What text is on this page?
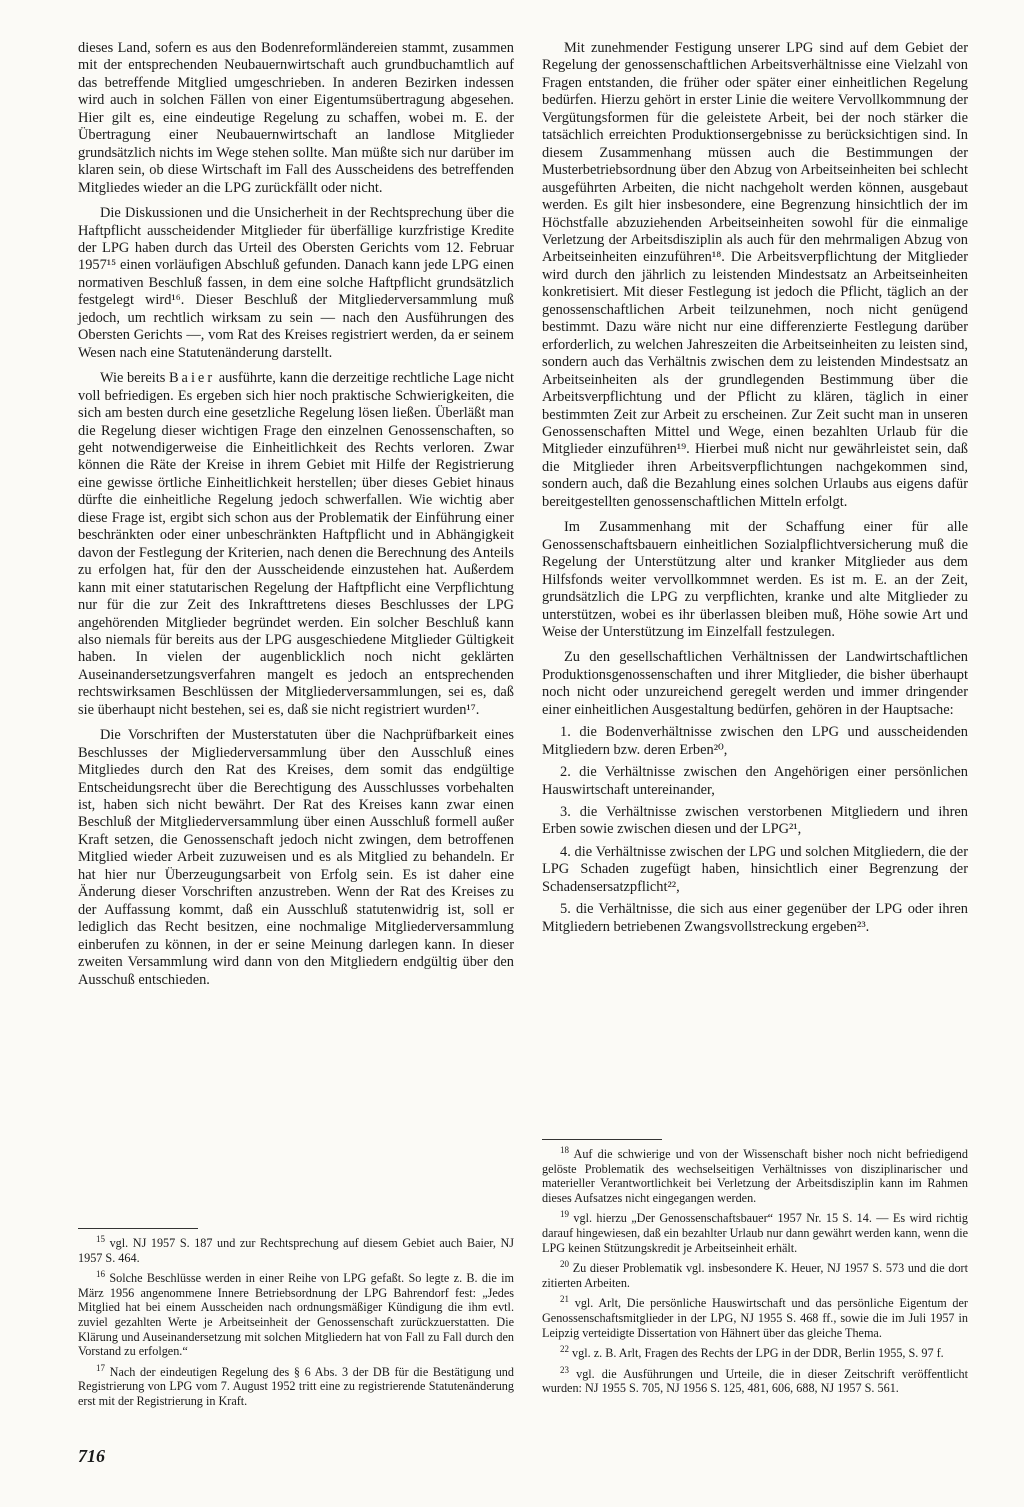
dieses Land, sofern es aus den Bodenreformländereien stammt, zusammen mit der entsprechenden Neubauernwirtschaft auch grundbuchamtlich auf das betreffende Mitglied umgeschrieben. In anderen Bezirken indessen wird auch in solchen Fällen von einer Eigentumsübertragung abgesehen. Hier gilt es, eine eindeutige Regelung zu schaffen, wobei m. E. der Übertragung einer Neubauernwirtschaft an landlose Mitglieder grundsätzlich nichts im Wege stehen sollte. Man müßte sich nur darüber im klaren sein, ob diese Wirtschaft im Fall des Ausscheidens des betreffenden Mitgliedes wieder an die LPG zurückfällt oder nicht.

Die Diskussionen und die Unsicherheit in der Rechtsprechung über die Haftpflicht ausscheidender Mitglieder für überfällige kurzfristige Kredite der LPG haben durch das Urteil des Obersten Gerichts vom 12. Februar 1957¹⁵ einen vorläufigen Abschluß gefunden. Danach kann jede LPG einen normativen Beschluß fassen, in dem eine solche Haftpflicht grundsätzlich festgelegt wird¹⁶. Dieser Beschluß der Mitgliederversammlung muß jedoch, um rechtlich wirksam zu sein — nach den Ausführungen des Obersten Gerichts —, vom Rat des Kreises registriert werden, da er seinem Wesen nach eine Statutenänderung darstellt.

Wie bereits Baier ausführte, kann die derzeitige rechtliche Lage nicht voll befriedigen. Es ergeben sich hier noch praktische Schwierigkeiten, die sich am besten durch eine gesetzliche Regelung lösen ließen. Überläßt man die Regelung dieser wichtigen Frage den einzelnen Genossenschaften, so geht notwendigerweise die Einheitlichkeit des Rechts verloren. Zwar können die Räte der Kreise in ihrem Gebiet mit Hilfe der Registrierung eine gewisse örtliche Einheitlichkeit herstellen; über dieses Gebiet hinaus dürfte die einheitliche Regelung jedoch schwerfallen. Wie wichtig aber diese Frage ist, ergibt sich schon aus der Problematik der Einführung einer beschränkten oder einer unbeschränkten Haftpflicht und in Abhängigkeit davon der Festlegung der Kriterien, nach denen die Berechnung des Anteils zu erfolgen hat, für den der Ausscheidende einzustehen hat. Außerdem kann mit einer statutarischen Regelung der Haftpflicht eine Verpflichtung nur für die zur Zeit des Inkrafttretens dieses Beschlusses der LPG angehörenden Mitglieder begründet werden. Ein solcher Beschluß kann also niemals für bereits aus der LPG ausgeschiedene Mitglieder Gültigkeit haben. In vielen der augenblicklich noch nicht geklärten Auseinandersetzungsverfahren mangelt es jedoch an entsprechenden rechtswirksamen Beschlüssen der Mitgliederversammlungen, sei es, daß sie überhaupt nicht bestehen, sei es, daß sie nicht registriert wurden¹⁷.

Die Vorschriften der Musterstatuten über die Nachprüfbarkeit eines Beschlusses der Migliederversammlung über den Ausschluß eines Mitgliedes durch den Rat des Kreises, dem somit das endgültige Entscheidungsrecht über die Berechtigung des Ausschlusses vorbehalten ist, haben sich nicht bewährt. Der Rat des Kreises kann zwar einen Beschluß der Mitgliederversammlung über einen Ausschluß formell außer Kraft setzen, die Genossenschaft jedoch nicht zwingen, dem betroffenen Mitglied wieder Arbeit zuzuweisen und es als Mitglied zu behandeln. Er hat hier nur Überzeugungsarbeit von Erfolg sein. Es ist daher eine Änderung dieser Vorschriften anzustreben. Wenn der Rat des Kreises zu der Auffassung kommt, daß ein Ausschluß statutenwidrig ist, soll er lediglich das Recht besitzen, eine nochmalige Mitgliederversammlung einberufen zu können, in der er seine Meinung darlegen kann. In dieser zweiten Versammlung wird dann von den Mitgliedern endgültig über den Ausschuß entschieden.

Mit zunehmender Festigung unserer LPG sind auf dem Gebiet der Regelung der genossenschaftlichen Arbeitsverhältnisse eine Vielzahl von Fragen entstanden, die früher oder später einer einheitlichen Regelung bedürfen. Hierzu gehört in erster Linie die weitere Vervollkommnung der Vergütungsformen für die geleistete Arbeit, bei der noch stärker die tatsächlich erreichten Produktionsergebnisse zu berücksichtigen sind. In diesem Zusammenhang müssen auch die Bestimmungen der Musterbetriebsordnung über den Abzug von Arbeitseinheiten bei schlecht ausgeführten Arbeiten, die nicht nachgeholt werden können, ausgebaut werden. Es gilt hier insbesondere, eine Begrenzung hinsichtlich der im Höchstfalle abzuziehenden Arbeitseinheiten sowohl für die einmalige Verletzung der Arbeitsdisziplin als auch für den mehrmaligen Abzug von Arbeitseinheiten einzuführen¹⁸. Die Arbeitsverpflichtung der Mitglieder wird durch den jährlich zu leistenden Mindestsatz an Arbeitseinheiten konkretisiert. Mit dieser Festlegung ist jedoch die Pflicht, täglich an der genossenschaftlichen Arbeit teilzunehmen, noch nicht genügend bestimmt. Dazu wäre nicht nur eine differenzierte Festlegung darüber erforderlich, zu welchen Jahreszeiten die Arbeitseinheiten zu leisten sind, sondern auch das Verhältnis zwischen dem zu leistenden Mindestsatz an Arbeitseinheiten als der grundlegenden Bestimmung über die Arbeitsverpflichtung und der Pflicht zu klären, täglich in einer bestimmten Zeit zur Arbeit zu erscheinen. Zur Zeit sucht man in unseren Genossenschaften Mittel und Wege, einen bezahlten Urlaub für die Mitglieder einzuführen¹⁹. Hierbei muß nicht nur gewährleistet sein, daß die Mitglieder ihren Arbeitsverpflichtungen nachgekommen sind, sondern auch, daß die Bezahlung eines solchen Urlaubs aus eigens dafür bereitgestellten genossenschaftlichen Mitteln erfolgt.

Im Zusammenhang mit der Schaffung einer für alle Genossenschaftsbauern einheitlichen Sozialpflichtversicherung muß die Regelung der Unterstützung alter und kranker Mitglieder aus dem Hilfsfonds weiter vervollkommnet werden. Es ist m. E. an der Zeit, grundsätzlich die LPG zu verpflichten, kranke und alte Mitglieder zu unterstützen, wobei es ihr überlassen bleiben muß, Höhe sowie Art und Weise der Unterstützung im Einzelfall festzulegen.

Zu den gesellschaftlichen Verhältnissen der Landwirtschaftlichen Produktionsgenossenschaften und ihrer Mitglieder, die bisher überhaupt noch nicht oder unzureichend geregelt werden und immer dringender einer einheitlichen Ausgestaltung bedürfen, gehören in der Hauptsache:

1. die Bodenverhältnisse zwischen den LPG und ausscheidenden Mitgliedern bzw. deren Erben²⁰,
2. die Verhältnisse zwischen den Angehörigen einer persönlichen Hauswirtschaft untereinander,
3. die Verhältnisse zwischen verstorbenen Mitgliedern und ihren Erben sowie zwischen diesen und der LPG²¹,
4. die Verhältnisse zwischen der LPG und solchen Mitgliedern, die der LPG Schaden zugefügt haben, hinsichtlich einer Begrenzung der Schadensersatzpflicht²²,
5. die Verhältnisse, die sich aus einer gegenüber der LPG oder ihren Mitgliedern betriebenen Zwangsvollstreckung ergeben²³.

$^{15}$ vgl. NJ 1957 S. 187 und zur Rechtsprechung auf diesem Gebiet auch Baier, NJ 1957 S. 464.

$^{16}$ Solche Beschlüsse werden in einer Reihe von LPG gefaßt. So legte z. B. die im März 1956 angenommene Innere Betriebsordnung der LPG Bahrendorf fest: „Jedes Mitglied hat bei einem Ausscheiden nach ordnungsmäßiger Kündigung die ihm evtl. zuviel gezahlten Werte je Arbeitseinheit der Genossenschaft zurückzuerstatten. Die Klärung und Auseinandersetzung mit solchen Mitgliedern hat von Fall zu Fall durch den Vorstand zu erfolgen.“

$^{17}$ Nach der eindeutigen Regelung des § 6 Abs. 3 der DB für die Bestätigung und Registrierung von LPG vom 7. August 1952 tritt eine zu registrierende Statutenänderung erst mit der Registrierung in Kraft.

$^{18}$ Auf die schwierige und von der Wissenschaft bisher noch nicht befriedigend gelöste Problematik des wechselseitigen Verhältnisses von disziplinarischer und materieller Verantwortlichkeit bei Verletzung der Arbeitsdisziplin kann im Rahmen dieses Aufsatzes nicht eingegangen werden.

$^{19}$ vgl. hierzu „Der Genossenschaftsbauer“ 1957 Nr. 15 S. 14. — Es wird richtig darauf hingewiesen, daß ein bezahlter Urlaub nur dann gewährt werden kann, wenn die LPG keinen Stützungskredit je Arbeitseinheit erhält.

$^{20}$ Zu dieser Problematik vgl. insbesondere K. Heuer, NJ 1957 S. 573 und die dort zitierten Arbeiten.

$^{21}$ vgl. Arlt, Die persönliche Hauswirtschaft und das persönliche Eigentum der Genossenschaftsmitglieder in der LPG, NJ 1955 S. 468 ff., sowie die im Juli 1957 in Leipzig verteidigte Dissertation von Hähnert über das gleiche Thema.

$^{22}$ vgl. z. B. Arlt, Fragen des Rechts der LPG in der DDR, Berlin 1955, S. 97 f.

$^{23}$ vgl. die Ausführungen und Urteile, die in dieser Zeitschrift veröffentlicht wurden: NJ 1955 S. 705, NJ 1956 S. 125, 481, 606, 688, NJ 1957 S. 561.

716
